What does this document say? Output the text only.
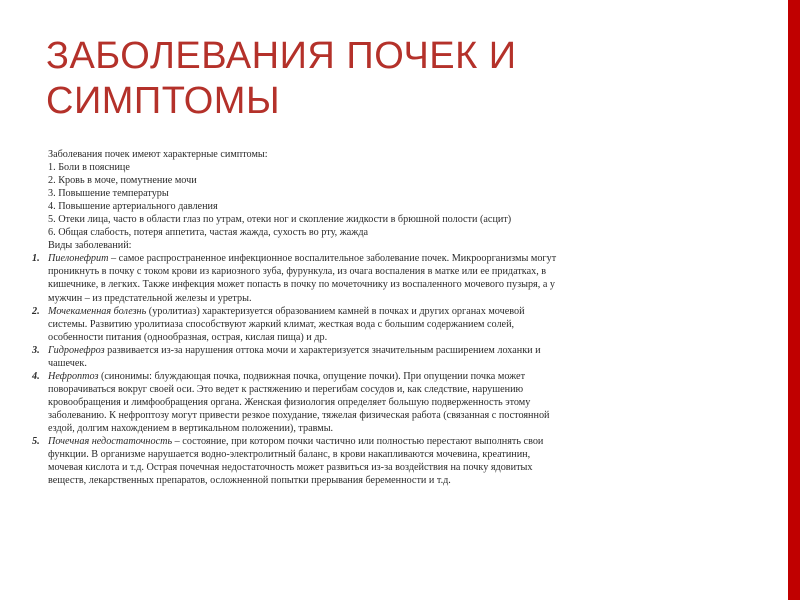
ЗАБОЛЕВАНИЯ ПОЧЕК И
СИМПТОМЫ
Заболевания почек имеют характерные симптомы:
1. Боли в пояснице
2. Кровь в моче, помутнение мочи
3. Повышение температуры
4. Повышение артериального давления
5. Отеки лица, часто в области глаз по утрам, отеки ног и скопление жидкости в брюшной полости (асцит)
6. Общая слабость, потеря аппетита, частая жажда, сухость во рту, жажда
Виды заболеваний:
1. Пиелонефрит – самое распространенное инфекционное воспалительное заболевание почек. Микроорганизмы могут
проникнуть в почку с током крови из кариозного зуба, фурункула, из очага воспаления в матке или ее придатках, в
кишечнике, в легких. Также инфекция может попасть в почку по мочеточнику из воспаленного мочевого пузыря, а у
мужчин – из предстательной железы и уретры.
2. Мочекаменная болезнь (уролитиаз) характеризуется образованием камней в почках и других органах мочевой
системы. Развитию уролитиаза способствуют жаркий климат, жесткая вода с большим содержанием солей,
особенности питания (однообразная, острая, кислая пища) и др.
3. Гидронефроз развивается из-за нарушения оттока мочи и характеризуется значительным расширением лоханки и
чашечек.
4. Нефроптоз (синонимы: блуждающая почка, подвижная почка, опущение почки). При опущении почка может
поворачиваться вокруг своей оси. Это ведет к растяжению и перегибам сосудов и, как следствие, нарушению
кровообращения и лимфообращения органа. Женская физиология определяет большую подверженность этому
заболеванию. К нефроптозу могут привести резкое похудание, тяжелая физическая работа (связанная с постоянной
ездой, долгим нахождением в вертикальном положении), травмы.
5. Почечная недостаточность – состояние, при котором почки частично или полностью перестают выполнять свои
функции. В организме нарушается водно-электролитный баланс, в крови накапливаются мочевина, креатинин,
мочевая кислота и т.д. Острая почечная недостаточность может развиться из-за воздействия на почку ядовитых
веществ, лекарственных препаратов, осложненной попытки прерывания беременности и т.д.
